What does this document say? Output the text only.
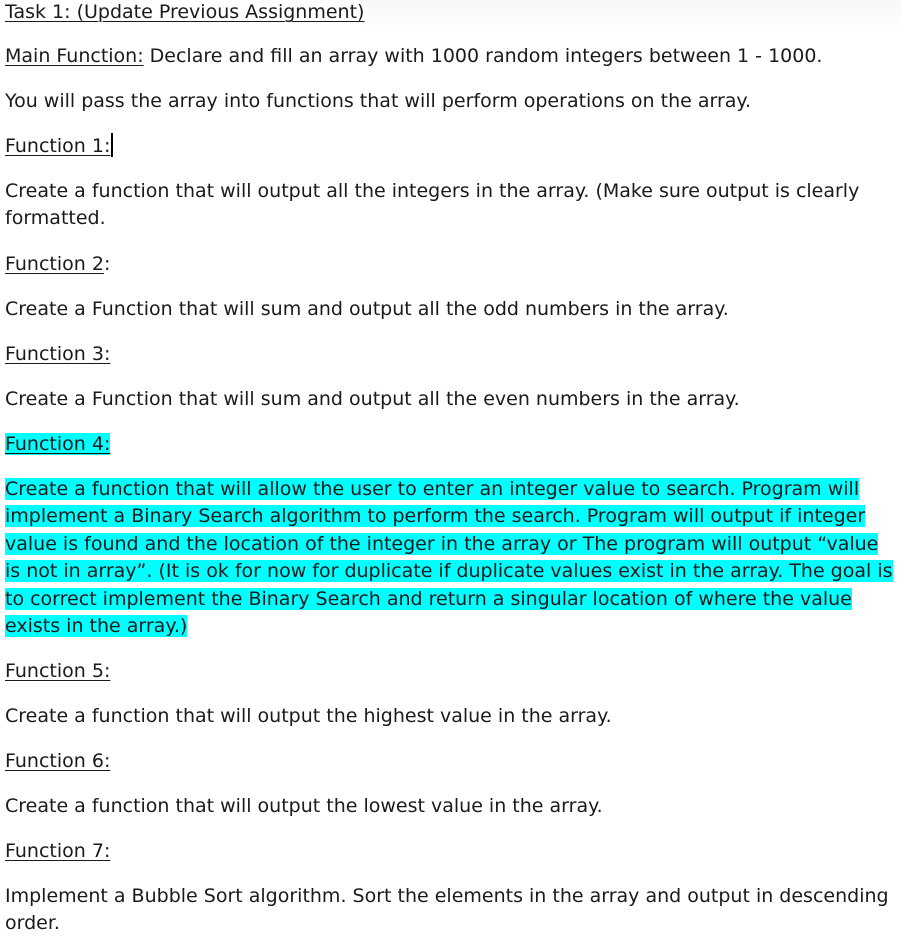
Task 1: (Update Previous Assignment)
Main Function: Declare and fill an array with 1000 random integers between 1 - 1000.
You will pass the array into functions that will perform operations on the array.
Function 1:
Create a function that will output all the integers in the array. (Make sure output is clearly formatted.
Function 2:
Create a Function that will sum and output all the odd numbers in the array.
Function 3:
Create a Function that will sum and output all the even numbers in the array.
Function 4:
Create a function that will allow the user to enter an integer value to search. Program will implement a Binary Search algorithm to perform the search. Program will output if integer value is found and the location of the integer in the array or The program will output “value is not in array”. (It is ok for now for duplicate if duplicate values exist in the array. The goal is to correct implement the Binary Search and return a singular location of where the value exists in the array.)
Function 5:
Create a function that will output the highest value in the array.
Function 6:
Create a function that will output the lowest value in the array.
Function 7:
Implement a Bubble Sort algorithm. Sort the elements in the array and output in descending order.
